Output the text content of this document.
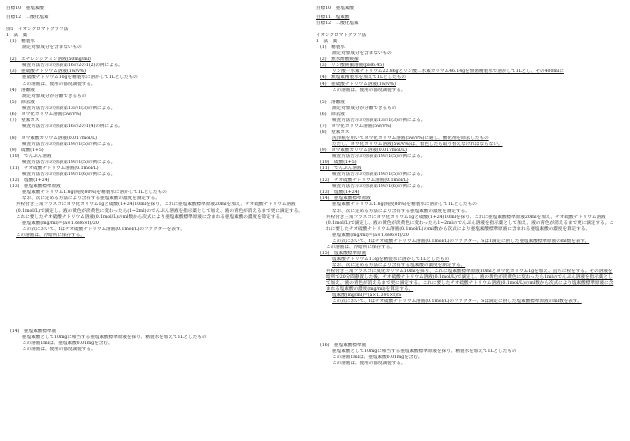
目標10　亜塩素酸
目標12　二酸化塩素
別1　イオンクロマトグラフ法
1　試　薬
(1)　精製水
測定対象成分を含まないもの
(2)　エチレンジアミン溶液(50mg/ml)
検査方法告示の別表第16の2の1(2)の例による。
(3)　亜硫酸ナトリウム溶液(1w/v%)
亜硫酸ナトリウム10gを精製水に溶かして1Lとしたもの
この溶液は、使用の都度調製する。
(4)　溶離液
測定対象成分が分離できるもの
(5)　除去液
検査方法告示の別表第13の1(3)の例による。
(6)　ヨウ化カリウム溶液(5w/v%)
(7)　窒素ガス
検査方法告示の別表第16の2の1(4)の例による。
(8)　ヨウ素酸カリウム溶液(0.017mol/L)
検査方法告示の別表第19の1(5)の例による。
(9)　硫酸(1+5)
(10)　でんぷん溶液
検査方法告示の別表第19の1(5)の例による。
(11)　チオ硫酸ナトリウム溶液(0.1mol/L)
検査方法告示の別表第19の1(6)の例による。
(12)　塩酸(1+24)
(13)　亜塩素酸標準原液
亜塩素酸ナトリウム1.8g(純度80%)を精製水に溶かして1Lとしたもの
なお、次に定める方法により含有する亜塩素酸の濃度を測定する。
共栓付き三角フラスコにヨウ化カリウム1gと硫酸(1+24)10mlを採り、これに亜塩素酸標準原液20mlを加え、チオ硫酸ナトリウム溶液(0.1mol/L)で滴定し、液の黄色が淡黄色に変わったら(1~2ml)のでんぷん溶液を指示薬として加え、液の青色が消えるまで更に滴定する。これに要したチオ硫酸ナトリウム溶液(0.1mol/L)のml数から次式により亜塩素酸標準原液に含まれる亜塩素酸の濃度を算定する。
亜塩素酸(mg/ml)=(a×1.686×f)/20
この式において、fはチオ硫酸ナトリウム溶液(0.1mol/L)のファクターを表す。
この溶液は、冷暗所に保存する。
(14)　亜塩素酸標準液
亜塩素酸として10mgに相当する亜塩素酸標準原液を採り、精製水を加えて1Lとしたもの
この溶液1mlは、亜塩素酸0.01mgを含む。
この溶液は、使用の都度調製する。
目標10　亜塩素酸
目標11　塩素酸
目標12　二酸化塩素
イオンクロマトグラフ法
1　試　薬
(1)　精製水
測定対象成分を含まないもの
(2)　無水酢酸緩衝
(3)　リン酸緩衝溶液(pH6.45)
リン酸一水素ナトリウム22.86gとリン酸二水素カリウム46.14gを無菌精製水で溶かして1Lとし、その400mlに
(4)　無塩素精製水を加えて1Lとしたもの
(4)　亜硫酸ナトリウム溶液(1w/v%)
この溶液は、使用の都度調製する。
(5)　溶離液
測定対象成分が分離できるもの
(6)　除去液
検査方法告示の別表第13の1(3)の例による。
(7)　ヨウ化カリウム溶液(5w/v%)
(8)　窒素ガス
洗浄瓶を用いてヨウ化カリウム溶液(5w/v%)に通し、酸化剤を除去したもの
ただし、ヨウ化カリウム溶液(5w/v%)は、着色したら取り替えなければならない。
(9)　ヨウ素酸カリウム溶液(0.017mol/L)
検査方法告示の別表第19の1(5)の例による。
(10)　硫酸(1+5)
(11)　でんぷん溶液
検査方法告示の別表第19の1(5)の例による。
(12)　チオ硫酸ナトリウム溶液(0.1mol/L)
検査方法告示の別表第19の1(6)の例による。
(13)　塩酸(1+24)
(14)　亜塩素酸標準原液
亜塩素酸ナトリウム1.8g(純度80%)を精製水に溶かして1Lとしたもの
なお、次に定める方法により含有する亜塩素酸の濃度を測定する。
共栓付き三角フラスコにヨウ化カリウム1gと硫酸(1+24)10mlを採り、これに亜塩素酸標準原液20mlを加え、チオ硫酸ナトリウム溶液(0.1mol/L)で滴定し、液の黄色が淡黄色に変わったら1~2mlのでんぷん溶液を指示薬として加え、液の青色が消えるまで更に滴定する。これに要したチオ硫酸ナトリウム溶液(0.1mol/L)のml数から次式により亜塩素酸標準原液に含まれる亜塩素酸の濃度を算定する。
亜塩素酸(mg/ml)=(a×1.686×f)/20
この式において、fはチオ硫酸ナトリウム溶液(0.1mol/L)のファクター、Sは1滴定に供した亜塩素酸標準原液のml数を表す。
この溶液は、冷暗所に保存する。
(15)　塩素酸標準原液
塩素酸ナトリウム1.3gを精製水に溶かして1Lとしたもの
なお、次に定める方法により含有する塩素酸の濃度を測定する。
共栓付き三角フラスコに臭化カリウム10mlを採り、これに塩素酸標準原液10mlとヨウ化カリウム1gを加え、直ちに栓をする。その溶液を暗所で20分間静置した後、チオ硫酸ナトリウム溶液(0.1mol/L)で滴定し、液の黄色が淡黄色に変わったら1mlのでんぷん溶液を指示薬として加え、液の青色が消えるまで更に滴定する。これに要したチオ硫酸ナトリウム溶液(0.1mol/L)のml数から次式により塩素酸標準原液に含まれる塩素酸の濃度(mg/ml)を算定する。
塩素酸(mg/ml)=(a×1.391×f)/S
この式において、fはチオ硫酸ナトリウム溶液(0.1mol/L)のファクター、Sは滴定に供した塩素酸標準原液のml数を表す。
(16)　亜塩素酸標準液
亜塩素酸として10mgに相当する亜塩素酸標準原液を採り、精製水を加えて1Lとしたもの
この溶液1mlは、亜塩素酸0.01mgを含む。
この溶液は、使用の都度調製する。
